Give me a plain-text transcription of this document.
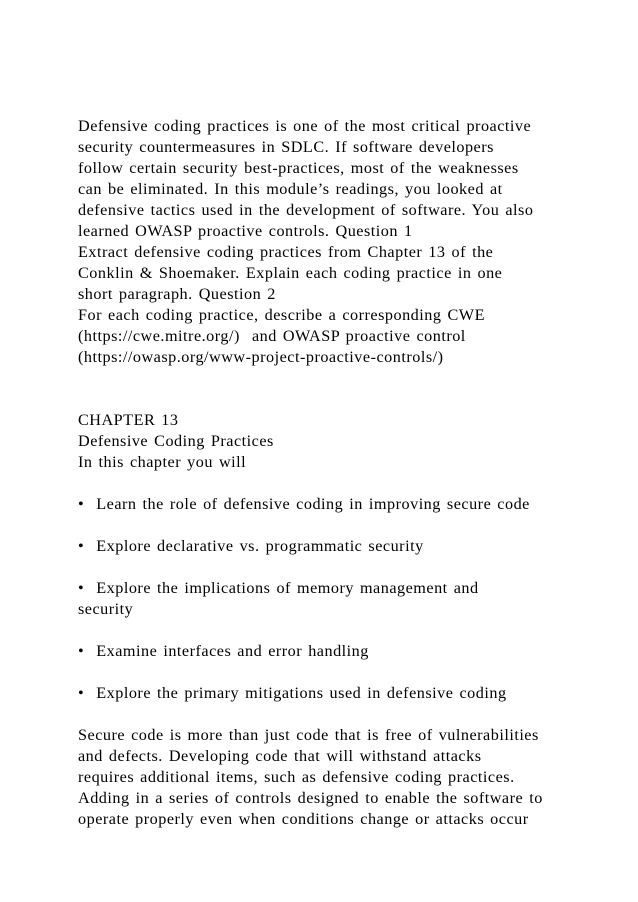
Defensive coding practices is one of the most critical proactive
security countermeasures in SDLC. If software developers
follow certain security best-practices, most of the weaknesses
can be eliminated. In this module’s readings, you looked at
defensive tactics used in the development of software. You also
learned OWASP proactive controls. Question 1
Extract defensive coding practices from Chapter 13 of the
Conklin & Shoemaker. Explain each coding practice in one
short paragraph. Question 2
For each coding practice, describe a corresponding CWE
(https://cwe.mitre.org/)  and OWASP proactive control
(https://owasp.org/www-project-proactive-controls/)
CHAPTER 13
Defensive Coding Practices
In this chapter you will
•  Learn the role of defensive coding in improving secure code
•  Explore declarative vs. programmatic security
•  Explore the implications of memory management and
security
•  Examine interfaces and error handling
•  Explore the primary mitigations used in defensive coding
Secure code is more than just code that is free of vulnerabilities
and defects. Developing code that will withstand attacks
requires additional items, such as defensive coding practices.
Adding in a series of controls designed to enable the software to
operate properly even when conditions change or attacks occur
